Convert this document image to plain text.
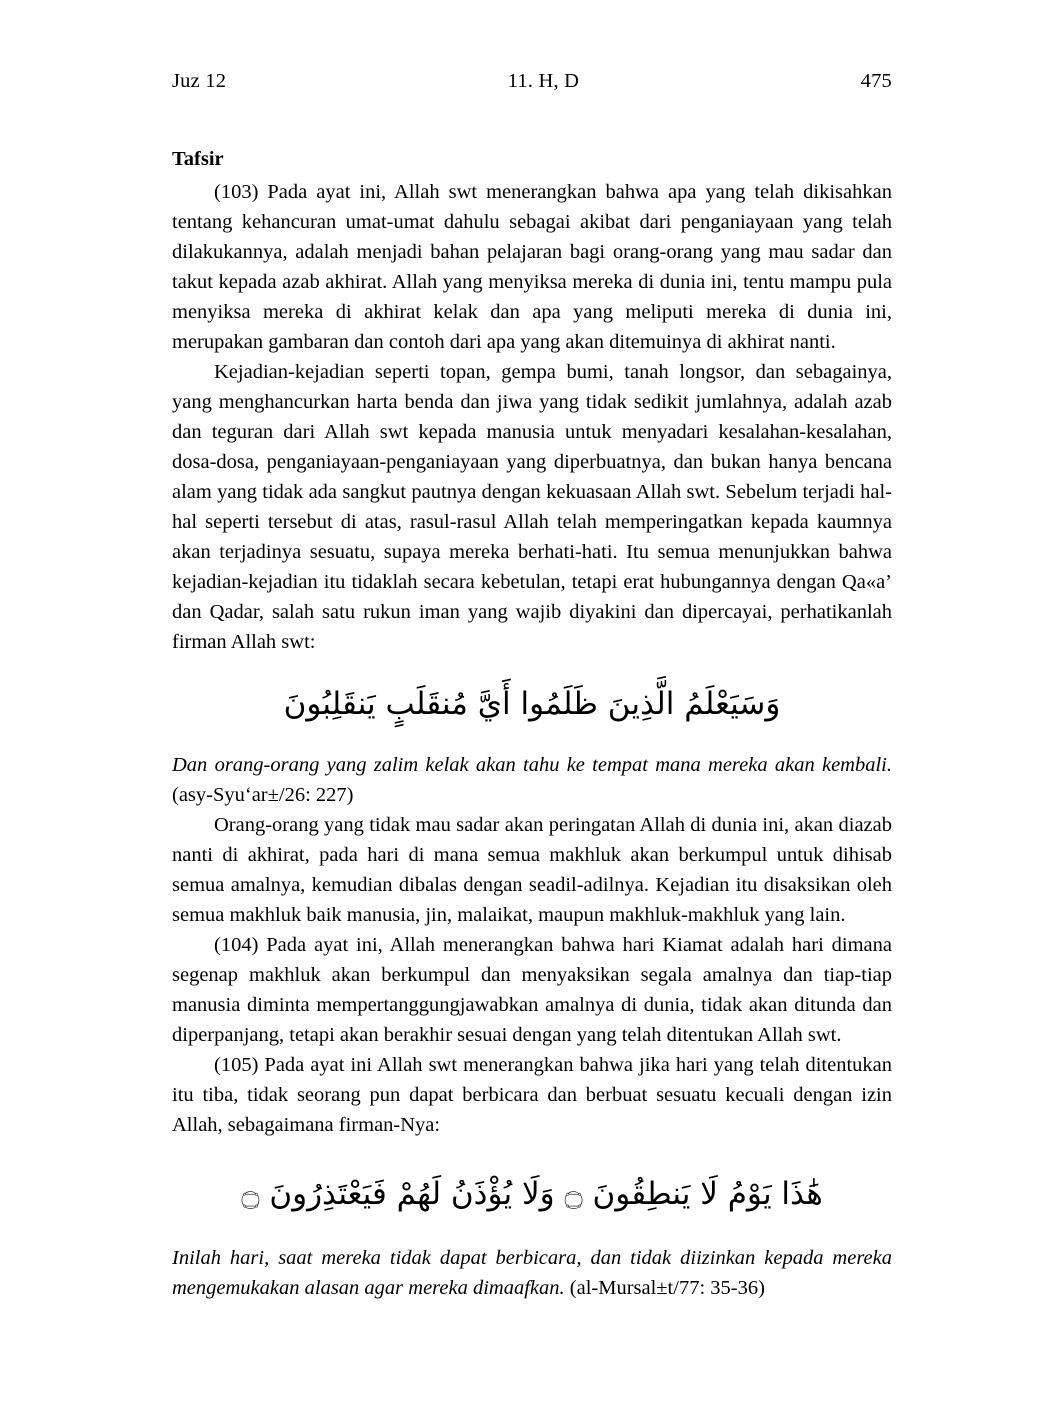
Juz 12	11. H, D	475
Tafsir

(103) Pada ayat ini, Allah swt menerangkan bahwa apa yang telah dikisahkan tentang kehancuran umat-umat dahulu sebagai akibat dari penganiayaan yang telah dilakukannya, adalah menjadi bahan pelajaran bagi orang-orang yang mau sadar dan takut kepada azab akhirat. Allah yang menyiksa mereka di dunia ini, tentu mampu pula menyiksa mereka di akhirat kelak dan apa yang meliputi mereka di dunia ini, merupakan gambaran dan contoh dari apa yang akan ditemuinya di akhirat nanti.

Kejadian-kejadian seperti topan, gempa bumi, tanah longsor, dan sebagainya, yang menghancurkan harta benda dan jiwa yang tidak sedikit jumlahnya, adalah azab dan teguran dari Allah swt kepada manusia untuk menyadari kesalahan-kesalahan, dosa-dosa, penganiayaan-penganiayaan yang diperbuatnya, dan bukan hanya bencana alam yang tidak ada sangkut pautnya dengan kekuasaan Allah swt. Sebelum terjadi hal-hal seperti tersebut di atas, rasul-rasul Allah telah memperingatkan kepada kaumnya akan terjadinya sesuatu, supaya mereka berhati-hati. Itu semua menunjukkan bahwa kejadian-kejadian itu tidaklah secara kebetulan, tetapi erat hubungannya dengan Qa«a’ dan Qadar, salah satu rukun iman yang wajib diyakini dan dipercayai, perhatikanlah firman Allah swt:

وَسَيَعْلَمُ الَّذِينَ ظَلَمُوا أَيَّ مُنقَلَبٍ يَنقَلِبُونَ

Dan orang-orang yang zalim kelak akan tahu ke tempat mana mereka akan kembali. (asy-Syu‘ar±/26: 227)

Orang-orang yang tidak mau sadar akan peringatan Allah di dunia ini, akan diazab nanti di akhirat, pada hari di mana semua makhluk akan berkumpul untuk dihisab semua amalnya, kemudian dibalas dengan seadil-adilnya. Kejadian itu disaksikan oleh semua makhluk baik manusia, jin, malaikat, maupun makhluk-makhluk yang lain.

(104) Pada ayat ini, Allah menerangkan bahwa hari Kiamat adalah hari dimana segenap makhluk akan berkumpul dan menyaksikan segala amalnya dan tiap-tiap manusia diminta mempertanggungjawabkan amalnya di dunia, tidak akan ditunda dan diperpanjang, tetapi akan berakhir sesuai dengan yang telah ditentukan Allah swt.

(105) Pada ayat ini Allah swt menerangkan bahwa jika hari yang telah ditentukan itu tiba, tidak seorang pun dapat berbicara dan berbuat sesuatu kecuali dengan izin Allah, sebagaimana firman-Nya:

هَٰذَا يَوْمُ لَا يَنطِقُونَ ۝ وَلَا يُؤْذَنُ لَهُمْ فَيَعْتَذِرُونَ ۝

Inilah hari, saat mereka tidak dapat berbicara, dan tidak diizinkan kepada mereka mengemukakan alasan agar mereka dimaafkan. (al-Mursal±t/77: 35-36)
